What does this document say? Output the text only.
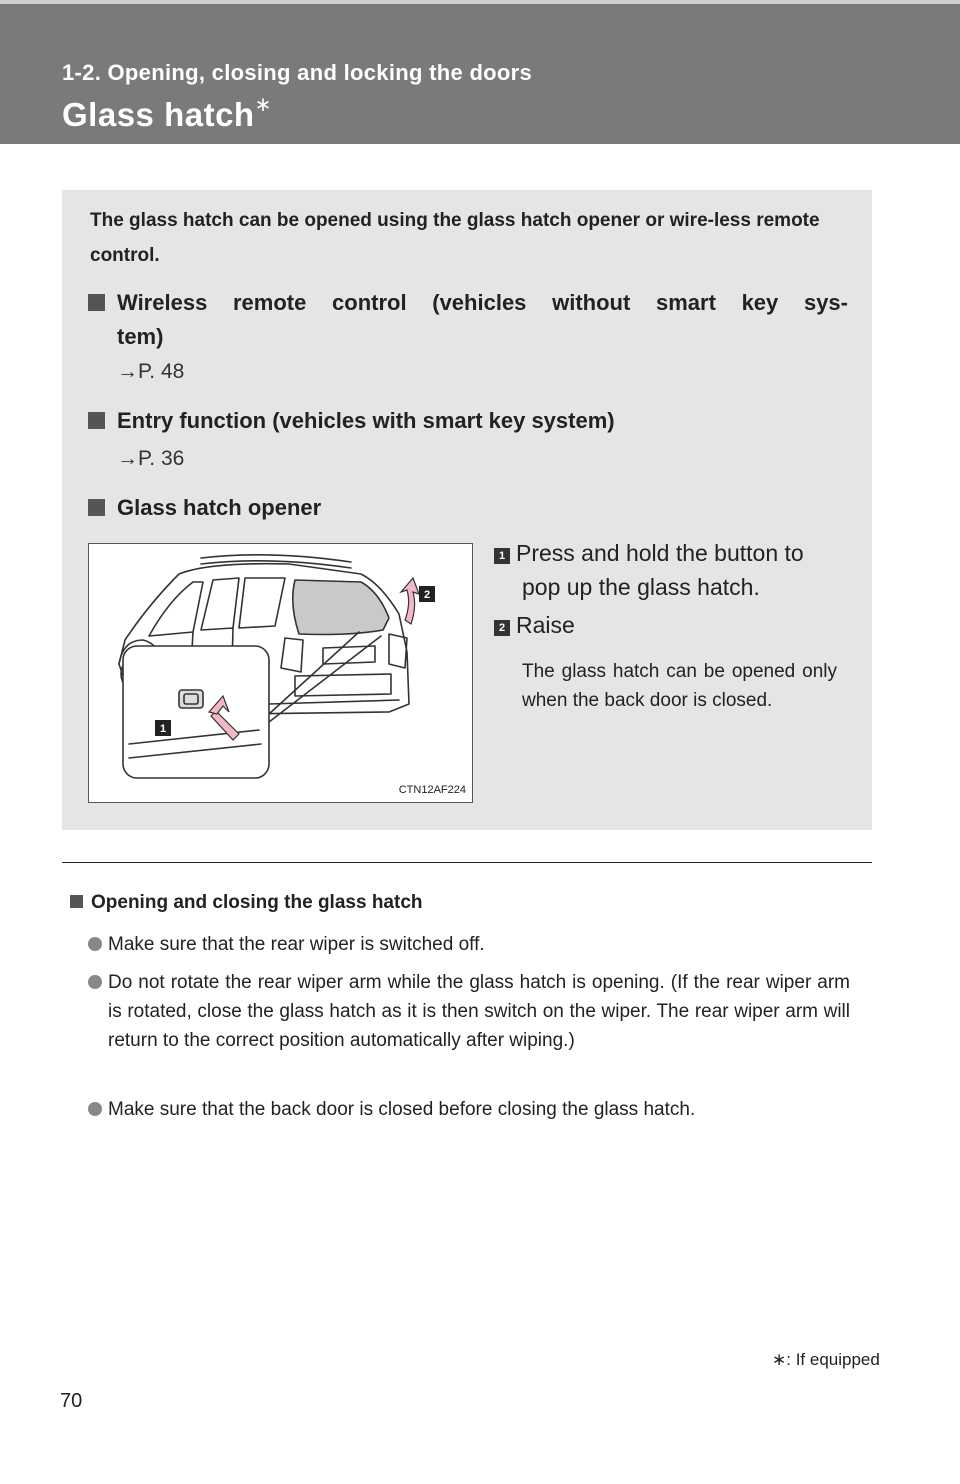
1-2. Opening, closing and locking the doors
Glass hatch∗
The glass hatch can be opened using the glass hatch opener or wire-less remote control.
Wireless remote control (vehicles without smart key sys-
tem)
→P. 48
Entry function (vehicles with smart key system)
→P. 36
Glass hatch opener
1
2
CTN12AF224
1 Press and hold the button to
pop up the glass hatch.
2 Raise
The glass hatch can be opened only when the back door is closed.
Opening and closing the glass hatch
Make sure that the rear wiper is switched off.
Do not rotate the rear wiper arm while the glass hatch is opening. (If the rear wiper arm is rotated, close the glass hatch as it is then switch on the wiper. The rear wiper arm will return to the correct position automatically after wiping.)
Make sure that the back door is closed before closing the glass hatch.
∗: If equipped
70
